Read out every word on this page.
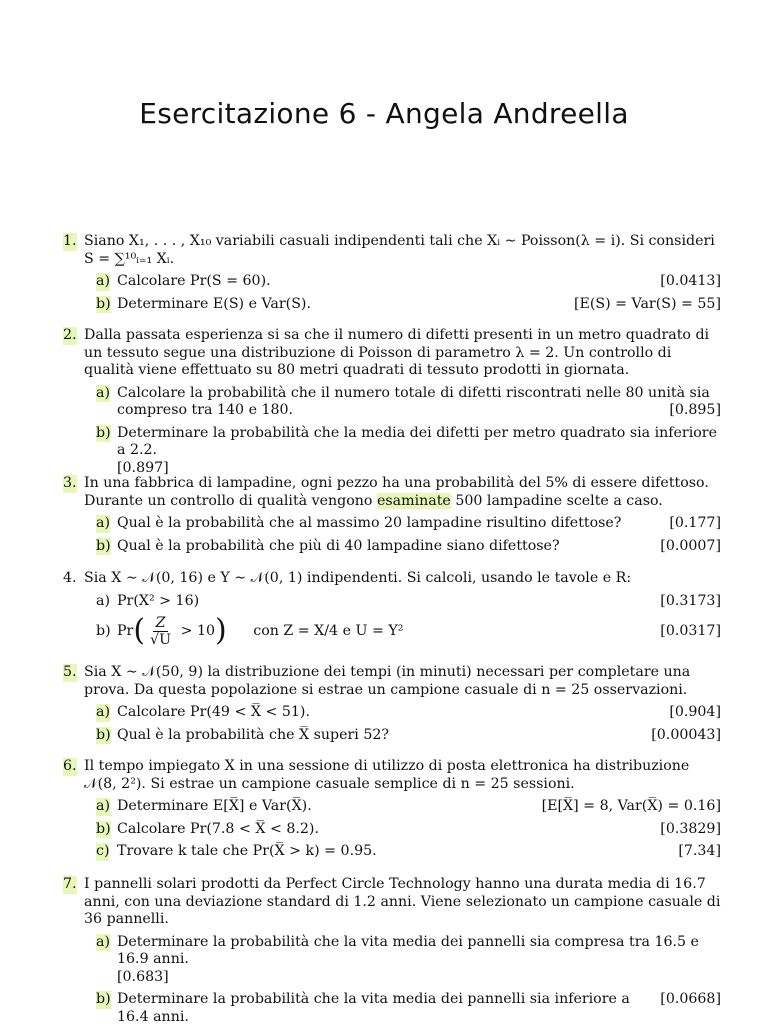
Esercitazione 6 - Angela Andreella
1. Siano X₁, . . . , X₁₀ variabili casuali indipendenti tali che Xᵢ ∼ Poisson(λ = i). Si consideri S = ∑¹⁰ᵢ₌₁ Xᵢ.
a)	[0.0413]
Calcolare Pr(S = 60).
b)	[E(S) = Var(S) = 55]
Determinare E(S) e Var(S).
2. Dalla passata esperienza si sa che il numero di difetti presenti in un metro quadrato di un tessuto segue una distribuzione di Poisson di parametro λ = 2. Un controllo di qualità viene effettuato su 80 metri quadrati di tessuto prodotti in giornata.
a) Calcolare la probabilità che il numero totale di difetti riscontrati nelle 80 unità sia compreso tra 140 e 180.	[0.895]
b) Determinare la probabilità che la media dei difetti per metro quadrato sia inferiore a 2.2.
[0.897]
3. In una fabbrica di lampadine, ogni pezzo ha una probabilità del 5% di essere difettoso. Durante un controllo di qualità vengono esaminate 500 lampadine scelte a caso.
a)	[0.177]
Qual è la probabilità che al massimo 20 lampadine risultino difettose?
b)	[0.0007]
Qual è la probabilità che più di 40 lampadine siano difettose?
4. Sia X ∼ 𝒩(0, 16) e Y ∼ 𝒩(0, 1) indipendenti. Si calcoli, usando le tavole e R:
a)	[0.3173]
Pr(X² > 16)
b)	[0.0317]
$Pr( \frac{Z}{√U} > 10)$ con Z = X/4 e U = Y²
5. Sia X ∼ 𝒩(50, 9) la distribuzione dei tempi (in minuti) necessari per completare una prova. Da questa popolazione si estrae un campione casuale di n = 25 osservazioni.
a)	[0.904]
Calcolare Pr(49 < X̅ < 51).
b)	[0.00043]
Qual è la probabilità che X̅ superi 52?
6. Il tempo impiegato X in una sessione di utilizzo di posta elettronica ha distribuzione 𝒩(8, 2²). Si estrae un campione casuale semplice di n = 25 sessioni.
a)	[E[X̅] = 8, Var(X̅) = 0.16]
Determinare E[X̅] e Var(X̅).
b)	[0.3829]
Calcolare Pr(7.8 < X̅ < 8.2).
c)	[7.34]
Trovare k tale che Pr(X̅ > k) = 0.95.
7. I pannelli solari prodotti da Perfect Circle Technology hanno una durata media di 16.7 anni, con una deviazione standard di 1.2 anni. Viene selezionato un campione casuale di 36 pannelli.
a) Determinare la probabilità che la vita media dei pannelli sia compresa tra 16.5 e 16.9 anni.
[0.683]
b)	[0.0668]
Determinare la probabilità che la vita media dei pannelli sia inferiore a 16.4 anni.
